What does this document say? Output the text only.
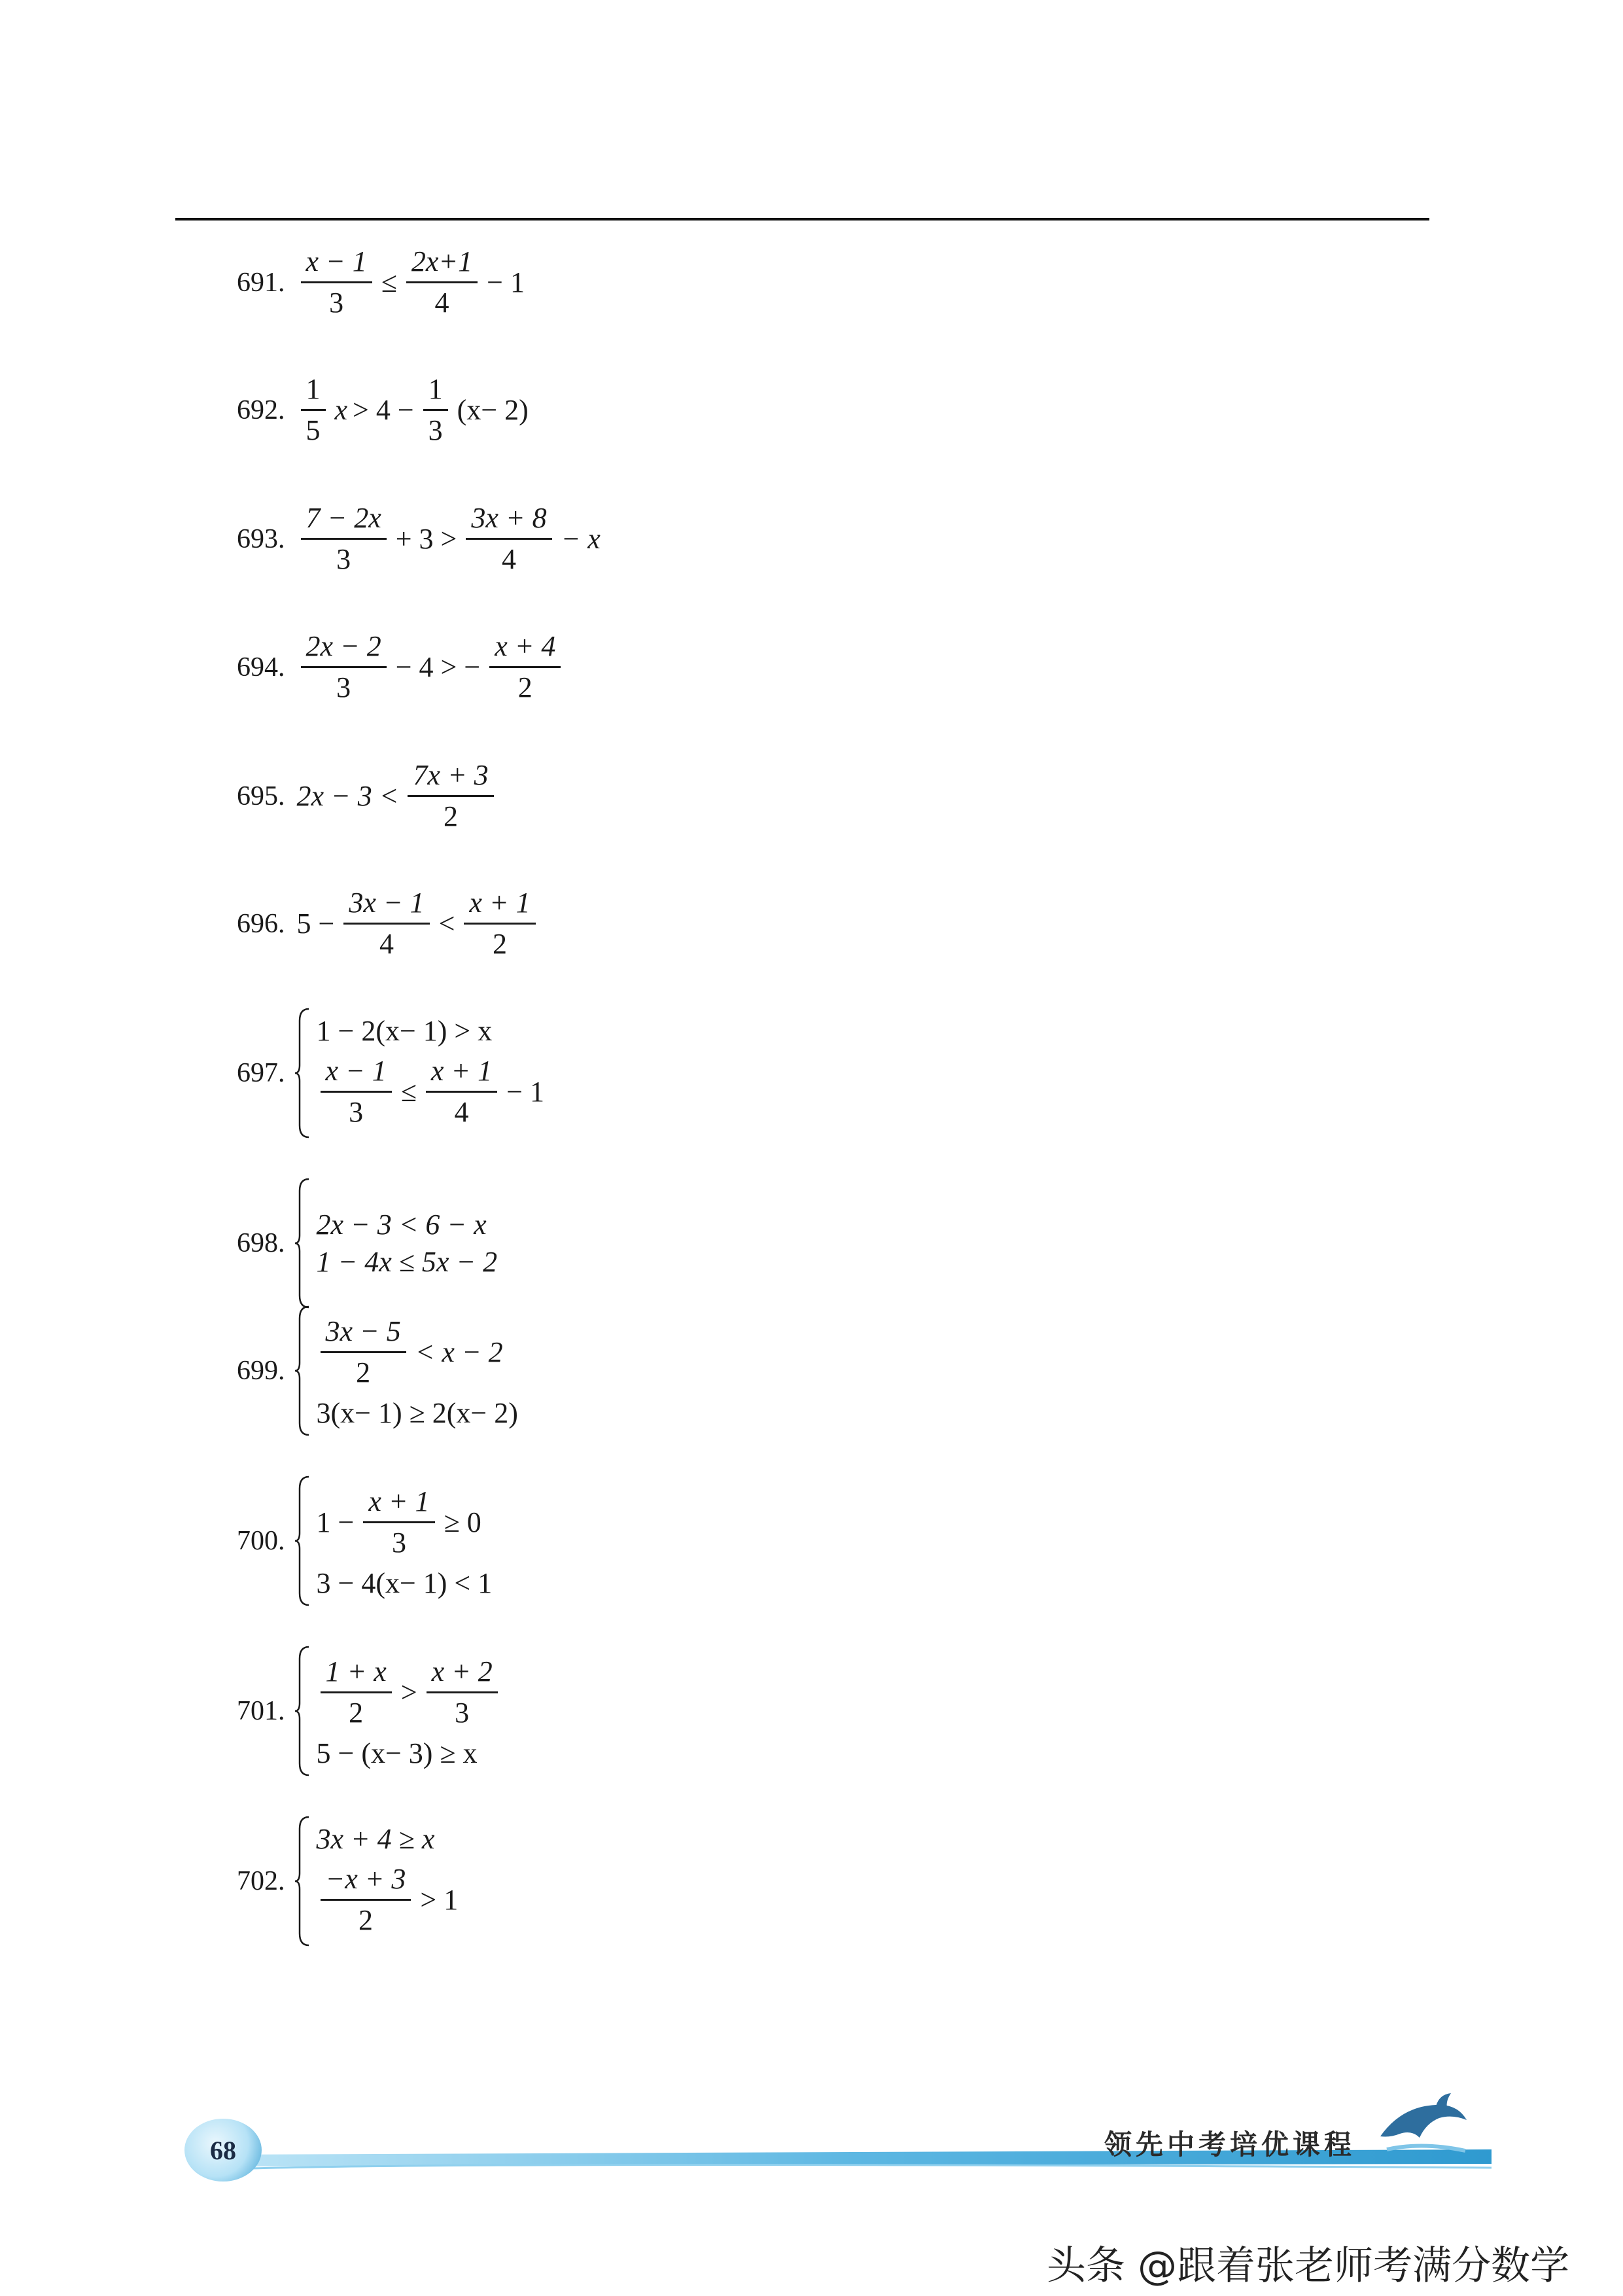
691. $\frac{x - 1}{3} \le \frac{2x+1}{4} - 1$
692. $\frac{1}{5}$ $x > 4 - \frac{1}{3} (x- 2)$
693. $\frac{7 - 2x}{3} + 3 > \frac{3x + 8}{4} - x$
694. $\frac{2x - 2}{3} - 4$ > − $\frac{x + 4}{2}$
695. $2x - 3 < \frac{7x + 3}{2}$
696. $5 - \frac{3x - 1}{4} < \frac{x + 1}{2}$
697.
1 − 2(x− 1) > x
$\frac{x - 1}{3} \le \frac{x + 1}{4} - 1$
698.
2x − 3 < 6 − x
1 − 4x ≤ 5x − 2
699. $\frac{3x - 5}{2} < x - 2$
3(x− 1) ≥ 2(x− 2)
700.
$1 - \frac{x + 1}{3} \ge 0$
3 − 4(x− 1) < 1
701. $\frac{1 + x}{2} > \frac{x + 2}{3}$
5 − (x− 3) ≥ x
702.
3x + 4 ≥ x
$\frac{-x + 3}{2} > 1$
68	领先中考培优课程
头条 @跟着张老师考满分数学
